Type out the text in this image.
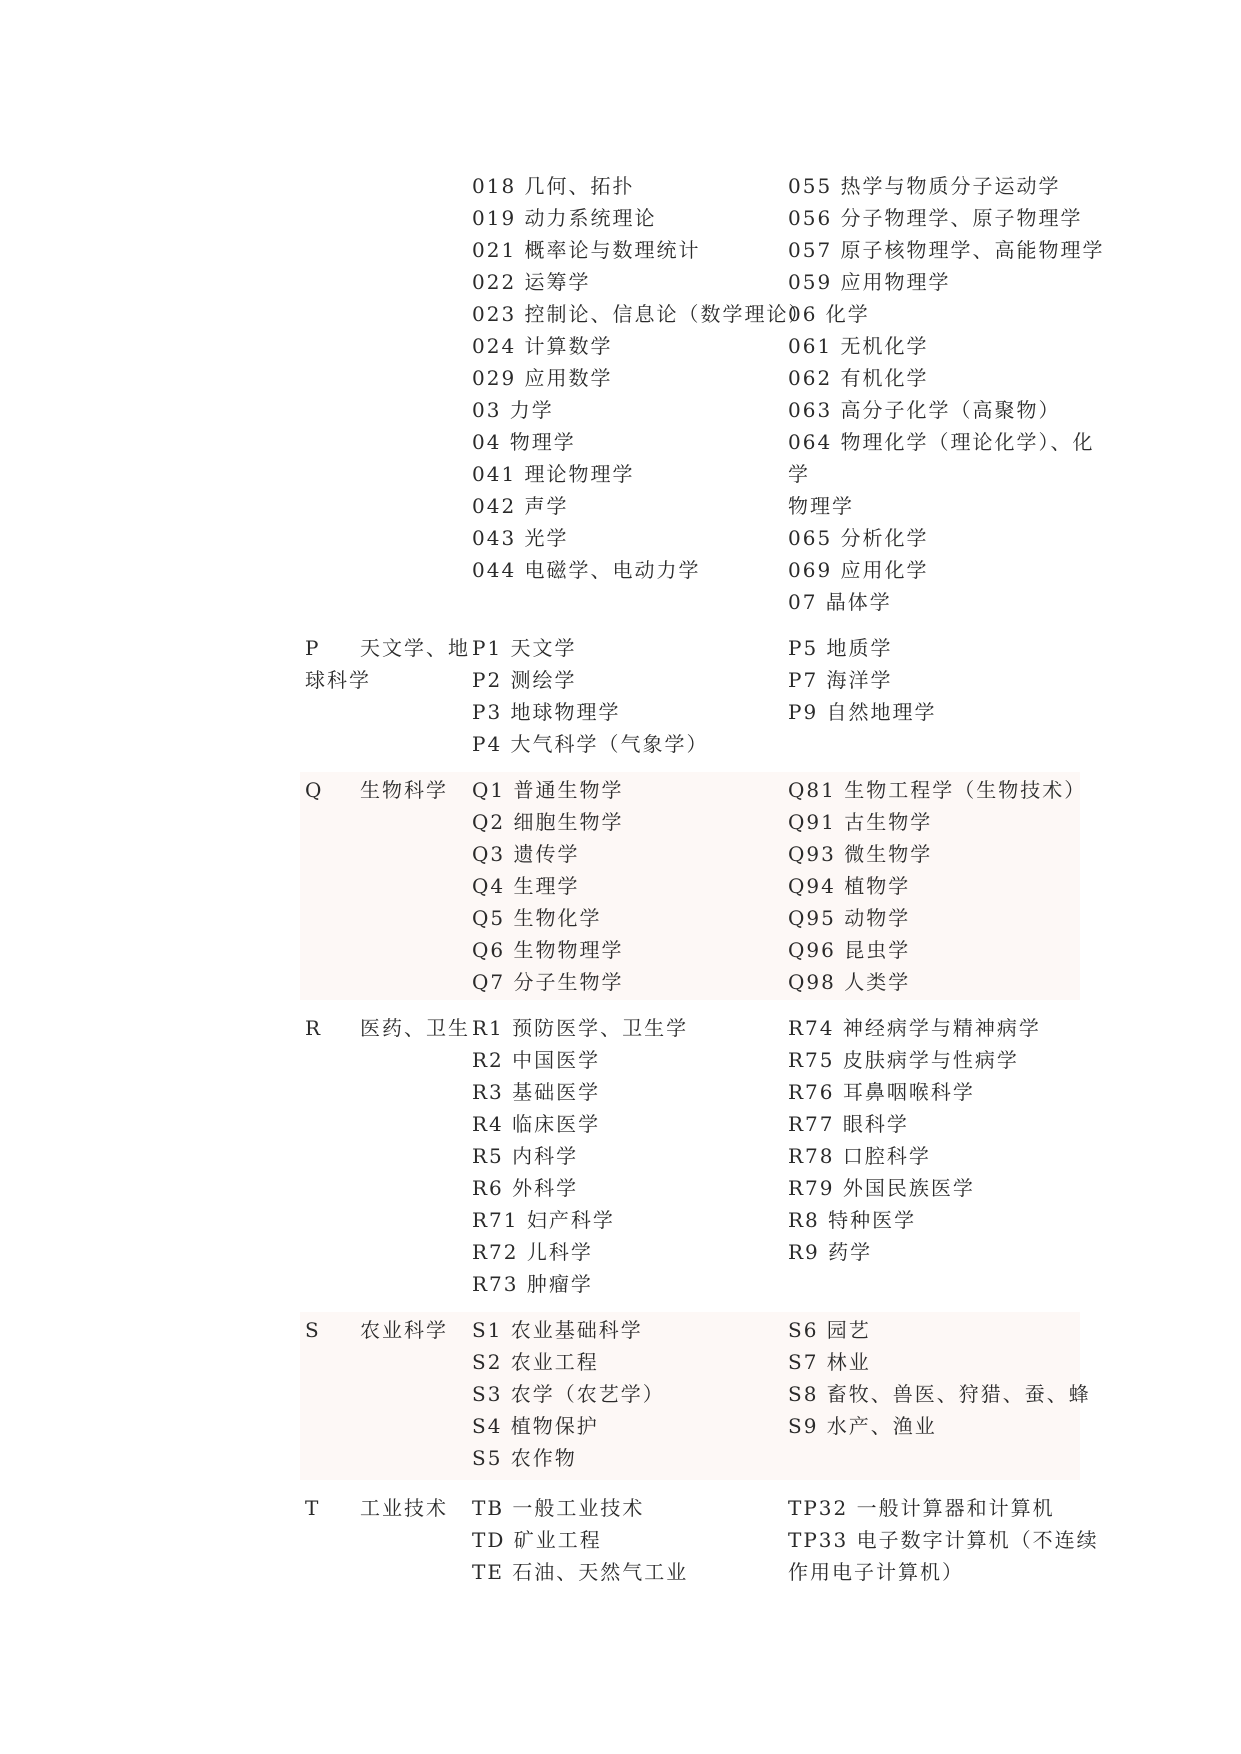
018 几何、拓扑
019 动力系统理论
021 概率论与数理统计
022 运筹学
023 控制论、信息论（数学理论）
024 计算数学
029 应用数学
03 力学
04 物理学
041 理论物理学
042 声学
043 光学
044 电磁学、电动力学
055 热学与物质分子运动学
056 分子物理学、原子物理学
057 原子核物理学、高能物理学
059 应用物理学
06 化学
061 无机化学
062 有机化学
063 高分子化学（高聚物）
064 物理化学（理论化学）、化
学
物理学
065 分析化学
069 应用化学
07 晶体学
P 天文学、地
球科学
P1 天文学
P2 测绘学
P3 地球物理学
P4 大气科学（气象学）
P5 地质学
P7 海洋学
P9 自然地理学
Q 生物科学 Q1 普通生物学
Q2 细胞生物学
Q3 遗传学
Q4 生理学
Q5 生物化学
Q6 生物物理学
Q7 分子生物学
Q81 生物工程学（生物技术）
Q91 古生物学
Q93 微生物学
Q94 植物学
Q95 动物学
Q96 昆虫学
Q98 人类学
R 医药、卫生 R1 预防医学、卫生学
R2 中国医学
R3 基础医学
R4 临床医学
R5 内科学
R6 外科学
R71 妇产科学
R72 儿科学
R73 肿瘤学
R74 神经病学与精神病学
R75 皮肤病学与性病学
R76 耳鼻咽喉科学
R77 眼科学
R78 口腔科学
R79 外国民族医学
R8 特种医学
R9 药学
S 农业科学 S1 农业基础科学
S2 农业工程
S3 农学（农艺学）
S4 植物保护
S5 农作物
S6 园艺
S7 林业
S8 畜牧、兽医、狩猎、蚕、蜂
S9 水产、渔业
T 工业技术 TB 一般工业技术
TD 矿业工程
TE 石油、天然气工业
TP32 一般计算器和计算机
TP33 电子数字计算机（不连续
作用电子计算机）
